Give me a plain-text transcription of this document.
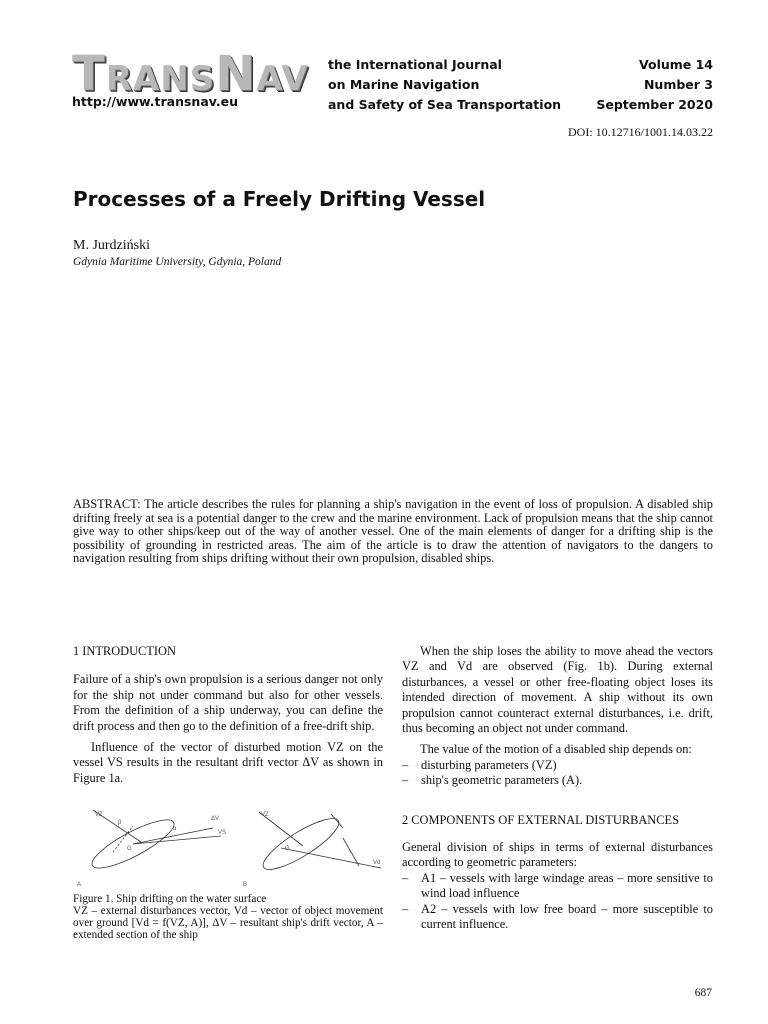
TRANSNAV
http://www.transnav.eu
the International Journal
on Marine Navigation
and Safety of Sea Transportation
Volume 14
Number 3
September 2020
DOI: 10.12716/1001.14.03.22
Processes of a Freely Drifting Vessel
M. Jurdziński
Gdynia Maritime University, Gdynia, Poland
ABSTRACT: The article describes the rules for planning a ship's navigation in the event of loss of propulsion. A disabled ship drifting freely at sea is a potential danger to the crew and the marine environment. Lack of propulsion means that the ship cannot give way to other ships/keep out of the way of another vessel. One of the main elements of danger for a drifting ship is the possibility of grounding in restricted areas. The aim of the article is to draw the attention of navigators to the dangers to navigation resulting from ships drifting without their own propulsion, disabled ships.

1 INTRODUCTION

Failure of a ship's own propulsion is a serious danger not only for the ship not under command but also for other vessels. From the definition of a ship underway, you can define the drift process and then go to the definition of a free-drift ship.

Influence of the vector of disturbed motion VZ on the vessel VS results in the resultant drift vector ΔV as shown in Figure 1a.

VZ
β
α
ΔV
VS
G
A
VZ
Vd
G
B
Figure 1. Ship drifting on the water surface
VZ – external disturbances vector, Vd – vector of object movement over ground [Vd = f(VZ, A)], ΔV – resultant ship's drift vector, A – extended section of the ship

When the ship loses the ability to move ahead the vectors VZ and Vd are observed (Fig. 1b). During external disturbances, a vessel or other free-floating object loses its intended direction of movement. A ship without its own propulsion cannot counteract external disturbances, i.e. drift, thus becoming an object not under command.

The value of the motion of a disabled ship depends on:

– disturbing parameters (VZ)
– ship's geometric parameters (A).

2 COMPONENTS OF EXTERNAL DISTURBANCES

General division of ships in terms of external disturbances according to geometric parameters:

– A1 – vessels with large windage areas – more sensitive to wind load influence
– A2 – vessels with low free board – more susceptible to current influence.
687
